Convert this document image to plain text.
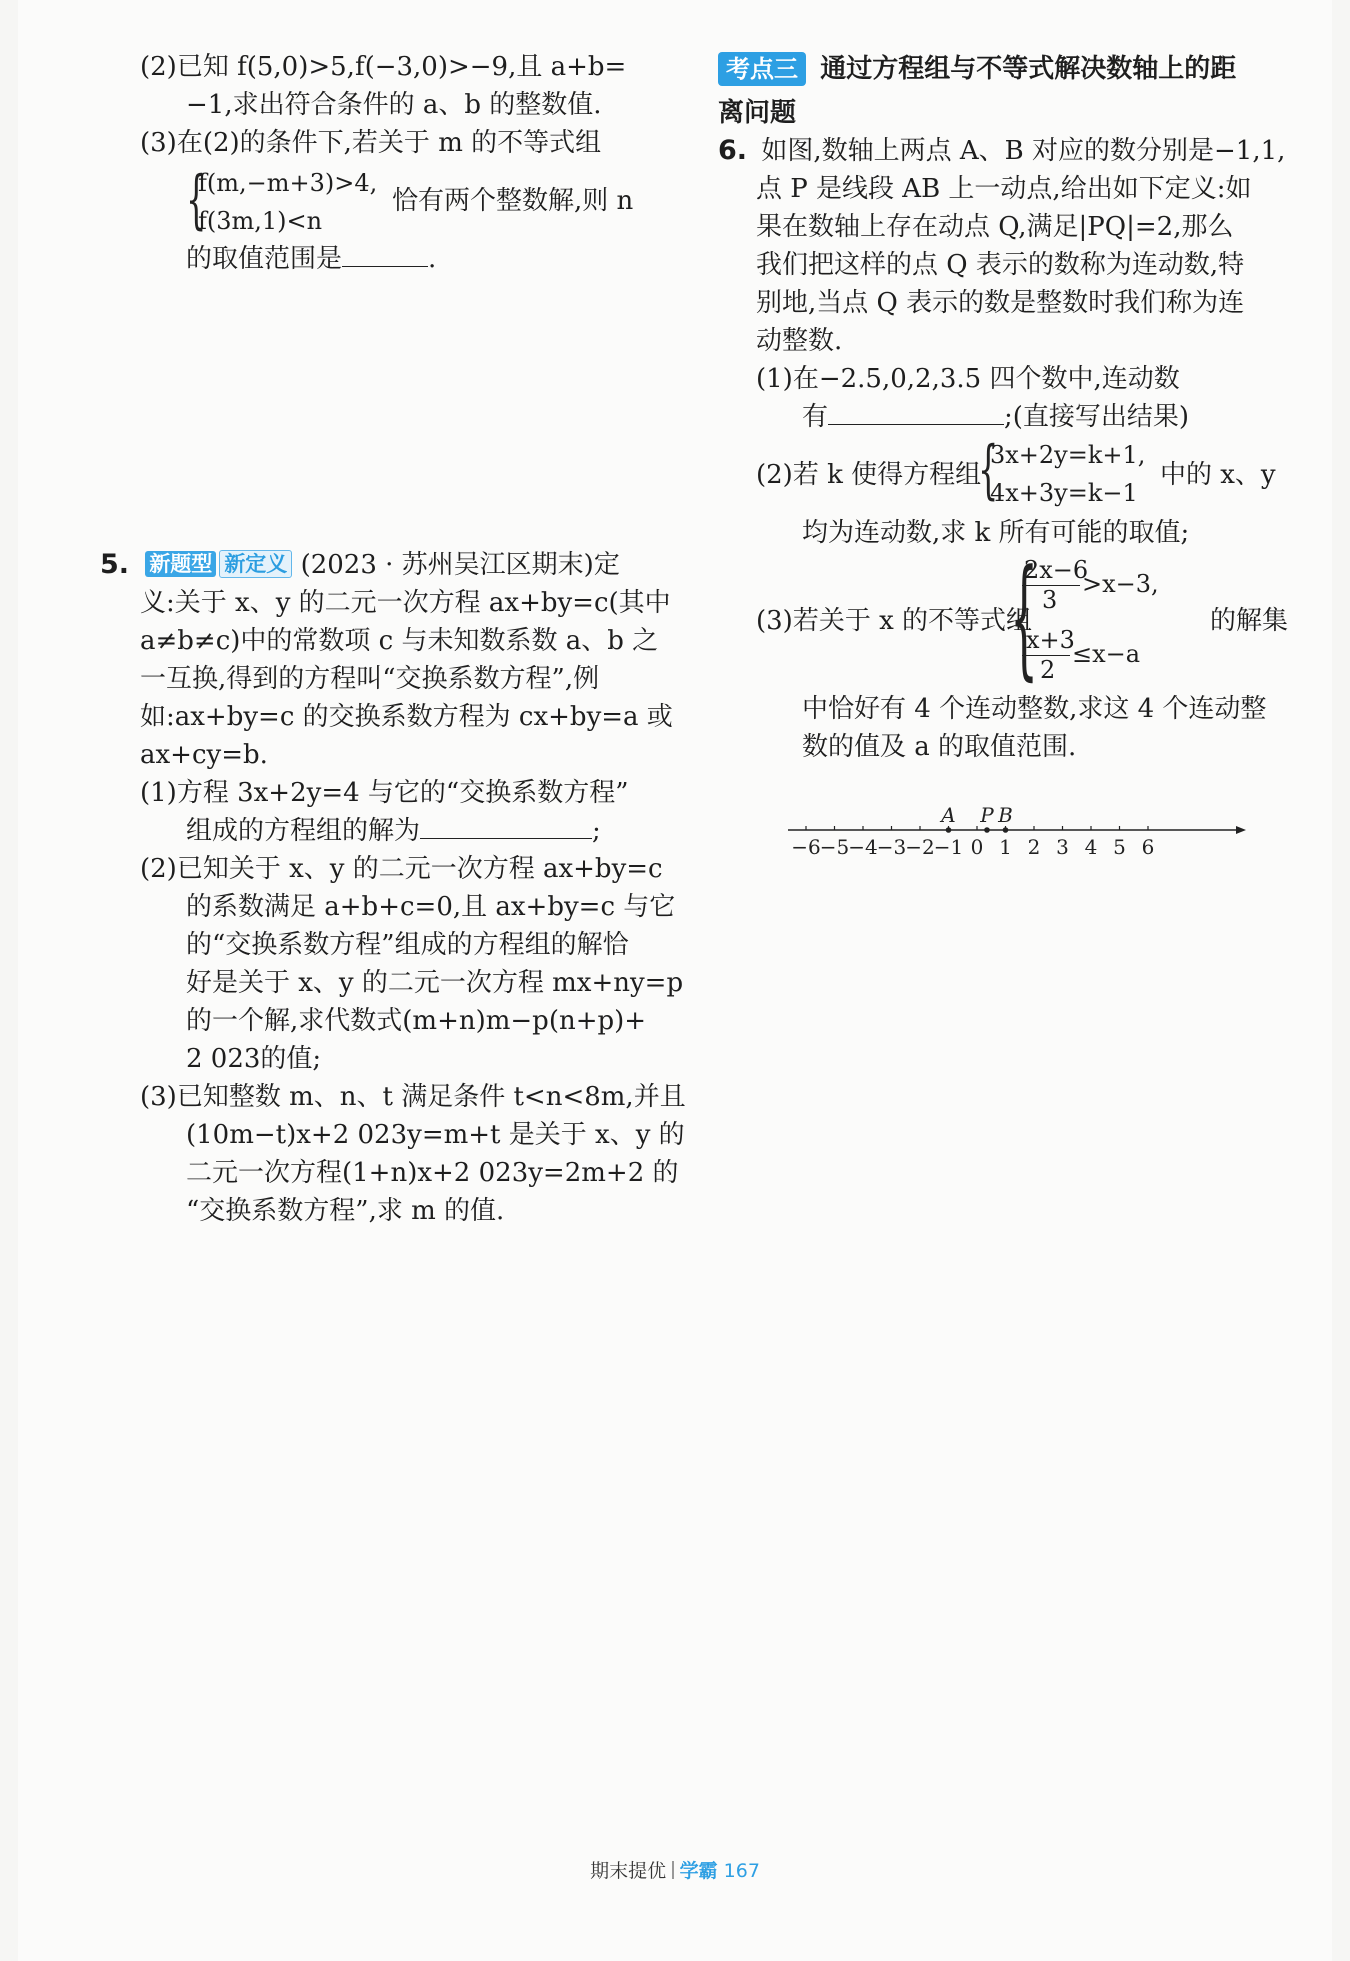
(2)已知 f(5,0)>5,f(−3,0)>−9,且 a+b=
−1,求出符合条件的 a、b 的整数值.
(3)在(2)的条件下,若关于 m 的不等式组
{
f(m,−m+3)>4,
f(3m,1)<n
恰有两个整数解,则 n
的取值范围是	.
5. 新题型 新定义 (2023 · 苏州吴江区期末)定
义:关于 x、y 的二元一次方程 ax+by=c(其中
a≠b≠c)中的常数项 c 与未知数系数 a、b 之
一互换,得到的方程叫“交换系数方程”,例
如:ax+by=c 的交换系数方程为 cx+by=a 或
ax+cy=b.
(1)方程 3x+2y=4 与它的“交换系数方程”
组成的方程组的解为	;
(2)已知关于 x、y 的二元一次方程 ax+by=c
的系数满足 a+b+c=0,且 ax+by=c 与它
的“交换系数方程”组成的方程组的解恰
好是关于 x、y 的二元一次方程 mx+ny=p
的一个解,求代数式(m+n)m−p(n+p)+
2 023的值;
(3)已知整数 m、n、t 满足条件 t<n<8m,并且
(10m−t)x+2 023y=m+t 是关于 x、y 的
二元一次方程(1+n)x+2 023y=2m+2 的
“交换系数方程”,求 m 的值.
考点三 通过方程组与不等式解决数轴上的距
离问题
6. 如图,数轴上两点 A、B 对应的数分别是−1,1,
点 P 是线段 AB 上一动点,给出如下定义:如
果在数轴上存在动点 Q,满足|PQ|=2,那么
我们把这样的点 Q 表示的数称为连动数,特
别地,当点 Q 表示的数是整数时我们称为连
动整数.
(1)在−2.5,0,2,3.5 四个数中,连动数
有	;(直接写出结果)
(2)若 k 使得方程组
{
3x+2y=k+1,
4x+3y=k−1
中的 x、y
均为连动数,求 k 所有可能的取值;
(3)若关于 x 的不等式组
{
2x−6
3
>x−3,
x+3
2
≤x−a
的解集
中恰好有 4 个连动整数,求这 4 个连动整
数的值及 a 的取值范围.
−6 −5 −4 −3 −2 −1 0 1 2 3 4 5 6
A P B
期末提优 学霸 167
